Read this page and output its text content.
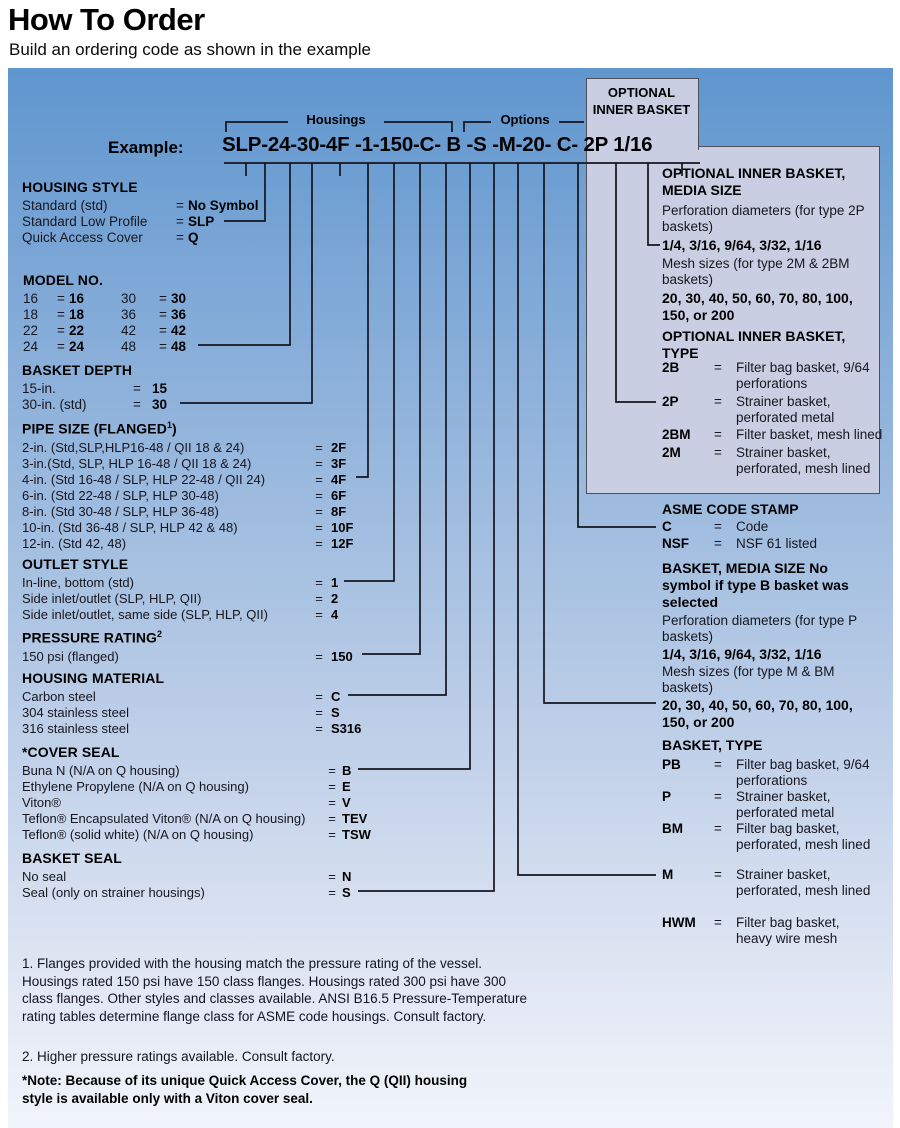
How To Order
Build an ordering code as shown in the example
OPTIONAL INNER BASKET
Example: SLP-24-30-4F -1-150-C- B -S -M-20- C- 2P 1/16
Housings	Options
HOUSING STYLE
Standard (std)	= No Symbol
Standard Low Profile	= SLP
Quick Access Cover	= Q
MODEL NO.
16	= 16	30	= 30
18	= 18	36	= 36
22	= 22	42	= 42
24	= 24	48	= 48
BASKET DEPTH
15-in.	= 15
30-in. (std)	= 30
PIPE SIZE (FLANGED$^1$)
2-in. (Std,SLP,HLP16-48 / QII 18 & 24)	= 2F
3-in.(Std, SLP, HLP 16-48 / QII 18 & 24)	= 3F
4-in. (Std 16-48 / SLP, HLP 22-48 / QII 24)	= 4F
6-in. (Std 22-48 / SLP, HLP 30-48)	= 6F
8-in. (Std 30-48 / SLP, HLP 36-48)	= 8F
10-in. (Std 36-48 / SLP, HLP 42 & 48)	= 10F
12-in. (Std 42, 48)	= 12F
OUTLET STYLE
In-line, bottom (std)	= 1
Side inlet/outlet (SLP, HLP, QII)	= 2
Side inlet/outlet, same side (SLP, HLP, QII)	= 4
PRESSURE RATING$^2$
150 psi (flanged)	= 150
HOUSING MATERIAL
Carbon steel	= C
304 stainless steel	= S
316 stainless steel	= S316
*COVER SEAL
Buna N (N/A on Q housing)	= B
Ethylene Propylene (N/A on Q housing)	= E
Viton®	= V
Teflon® Encapsulated Viton® (N/A on Q housing)	= TEV
Teflon® (solid white) (N/A on Q housing)	= TSW
BASKET SEAL
No seal	= N
Seal (only on strainer housings)	= S
OPTIONAL INNER BASKET, MEDIA SIZE
Perforation diameters (for type 2P baskets)
1/4, 3/16, 9/64, 3/32, 1/16
Mesh sizes (for type 2M & 2BM baskets)
20, 30, 40, 50, 60, 70, 80, 100, 150, or 200
OPTIONAL INNER BASKET, TYPE
2B	=	Filter bag basket, 9/64 perforations
2P	=	Strainer basket, perforated metal
2BM	=	Filter basket, mesh lined
2M	=	Strainer basket, perforated, mesh lined
ASME CODE STAMP
C	=	Code
NSF	=	NSF 61 listed
BASKET, MEDIA SIZE No symbol if type B basket was selected
Perforation diameters (for type P baskets)
1/4, 3/16, 9/64, 3/32, 1/16
Mesh sizes (for type M & BM baskets)
20, 30, 40, 50, 60, 70, 80, 100, 150, or 200
BASKET, TYPE
PB	=	Filter bag basket, 9/64 perforations
P	=	Strainer basket, perforated metal
BM	=	Filter bag basket, perforated, mesh lined
M	=	Strainer basket, perforated, mesh lined
HWM	=	Filter bag basket, heavy wire mesh
1. Flanges provided with the housing match the pressure rating of the vessel. Housings rated 150 psi have 150 class flanges. Housings rated 300 psi have 300 class flanges. Other styles and classes available. ANSI B16.5 Pressure-Temperature rating tables determine flange class for ASME code housings. Consult factory.
2. Higher pressure ratings available. Consult factory.
*Note: Because of its unique Quick Access Cover, the Q (QII) housing style is available only with a Viton cover seal.
